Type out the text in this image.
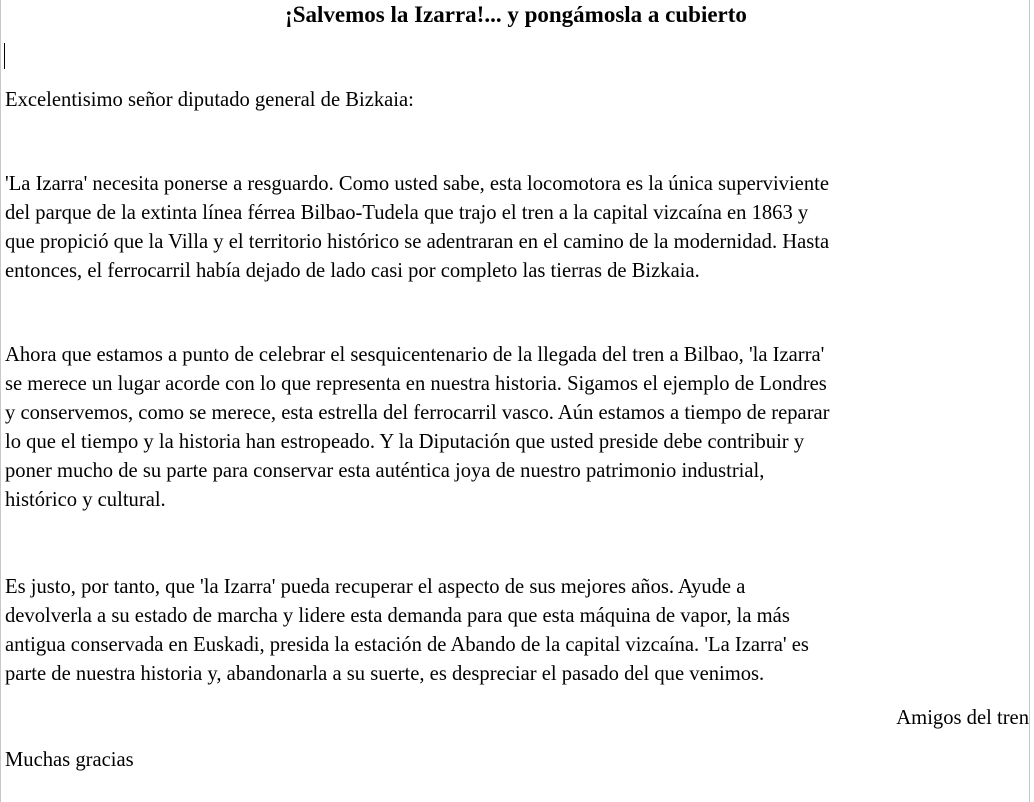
¡Salvemos la Izarra!... y pongámosla a cubierto

Excelentisimo señor diputado general de Bizkaia:

'La Izarra' necesita ponerse a resguardo. Como usted sabe, esta locomotora es la única superviviente
del parque de la extinta línea férrea Bilbao-Tudela que trajo el tren a la capital vizcaína en 1863 y
que propició que la Villa y el territorio histórico se adentraran en el camino de la modernidad. Hasta
entonces, el ferrocarril había dejado de lado casi por completo las tierras de Bizkaia.

Ahora que estamos a punto de celebrar el sesquicentenario de la llegada del tren a Bilbao, 'la Izarra'
se merece un lugar acorde con lo que representa en nuestra historia. Sigamos el ejemplo de Londres
y conservemos, como se merece, esta estrella del ferrocarril vasco. Aún estamos a tiempo de reparar
lo que el tiempo y la historia han estropeado. Y la Diputación que usted preside debe contribuir y
poner mucho de su parte para conservar esta auténtica joya de nuestro patrimonio industrial,
histórico y cultural.

Es justo, por tanto, que 'la Izarra' pueda recuperar el aspecto de sus mejores años. Ayude a
devolverla a su estado de marcha y lidere esta demanda para que esta máquina de vapor, la más
antigua conservada en Euskadi, presida la estación de Abando de la capital vizcaína. 'La Izarra' es
parte de nuestra historia y, abandonarla a su suerte, es despreciar el pasado del que venimos.

Amigos del tren

Muchas gracias
